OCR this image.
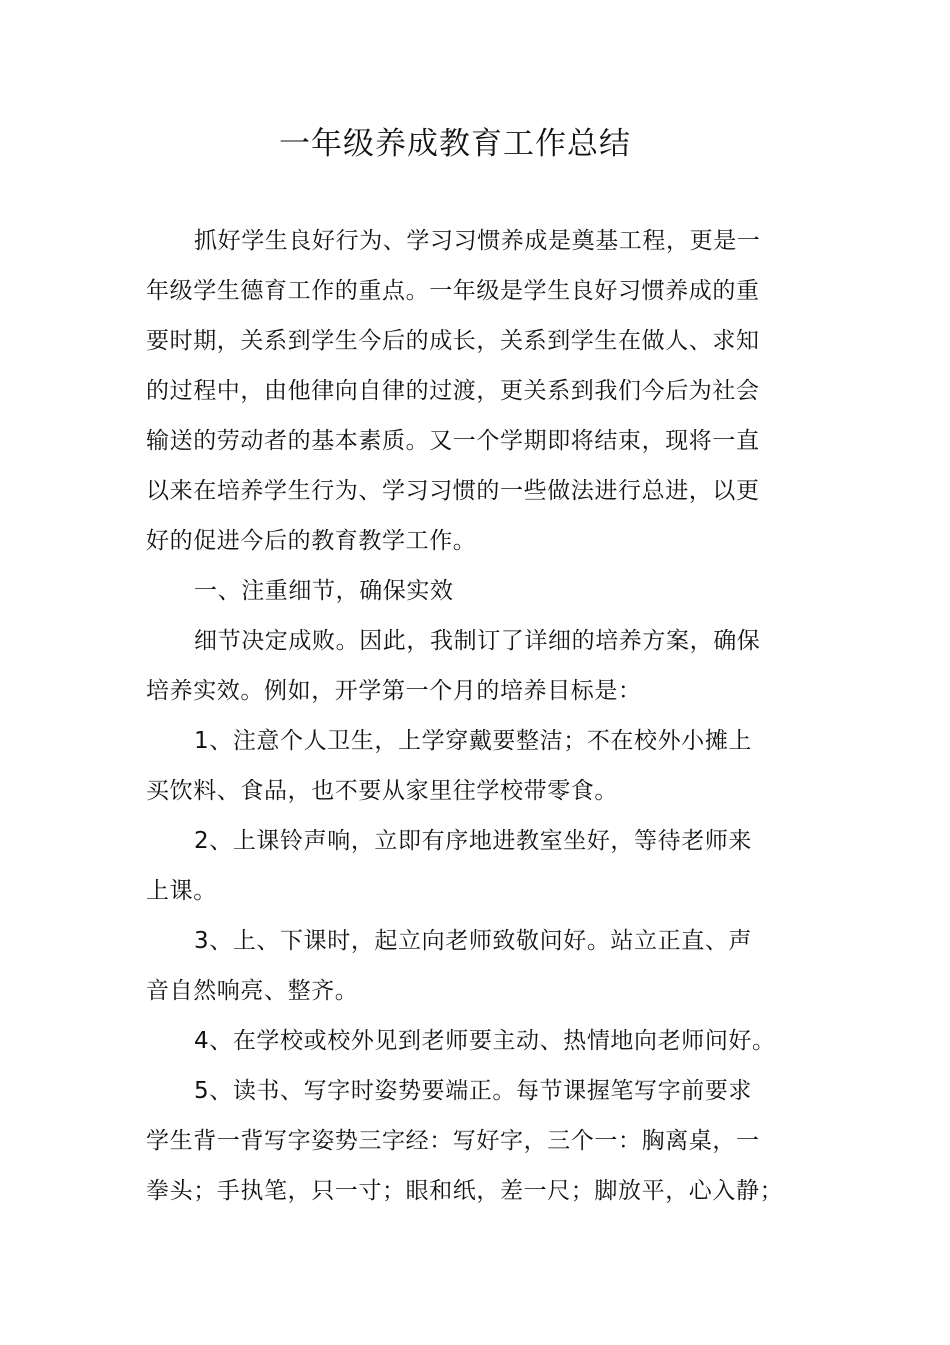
一年级养成教育工作总结

抓好学生良好行为、学习习惯养成是奠基工程，更是一

年级学生德育工作的重点。一年级是学生良好习惯养成的重

要时期，关系到学生今后的成长，关系到学生在做人、求知

的过程中，由他律向自律的过渡，更关系到我们今后为社会

输送的劳动者的基本素质。又一个学期即将结束，现将一直

以来在培养学生行为、学习习惯的一些做法进行总进，以更

好的促进今后的教育教学工作。

一、注重细节，确保实效

细节决定成败。因此，我制订了详细的培养方案，确保

培养实效。例如，开学第一个月的培养目标是：

1、注意个人卫生，上学穿戴要整洁；不在校外小摊上

买饮料、食品，也不要从家里往学校带零食。

2、上课铃声响，立即有序地进教室坐好，等待老师来

上课。

3、上、下课时，起立向老师致敬问好。站立正直、声

音自然响亮、整齐。

4、在学校或校外见到老师要主动、热情地向老师问好。

5、读书、写字时姿势要端正。每节课握笔写字前要求

学生背一背写字姿势三字经：写好字，三个一：胸离桌，一

拳头；手执笔，只一寸；眼和纸，差一尺；脚放平，心入静；
